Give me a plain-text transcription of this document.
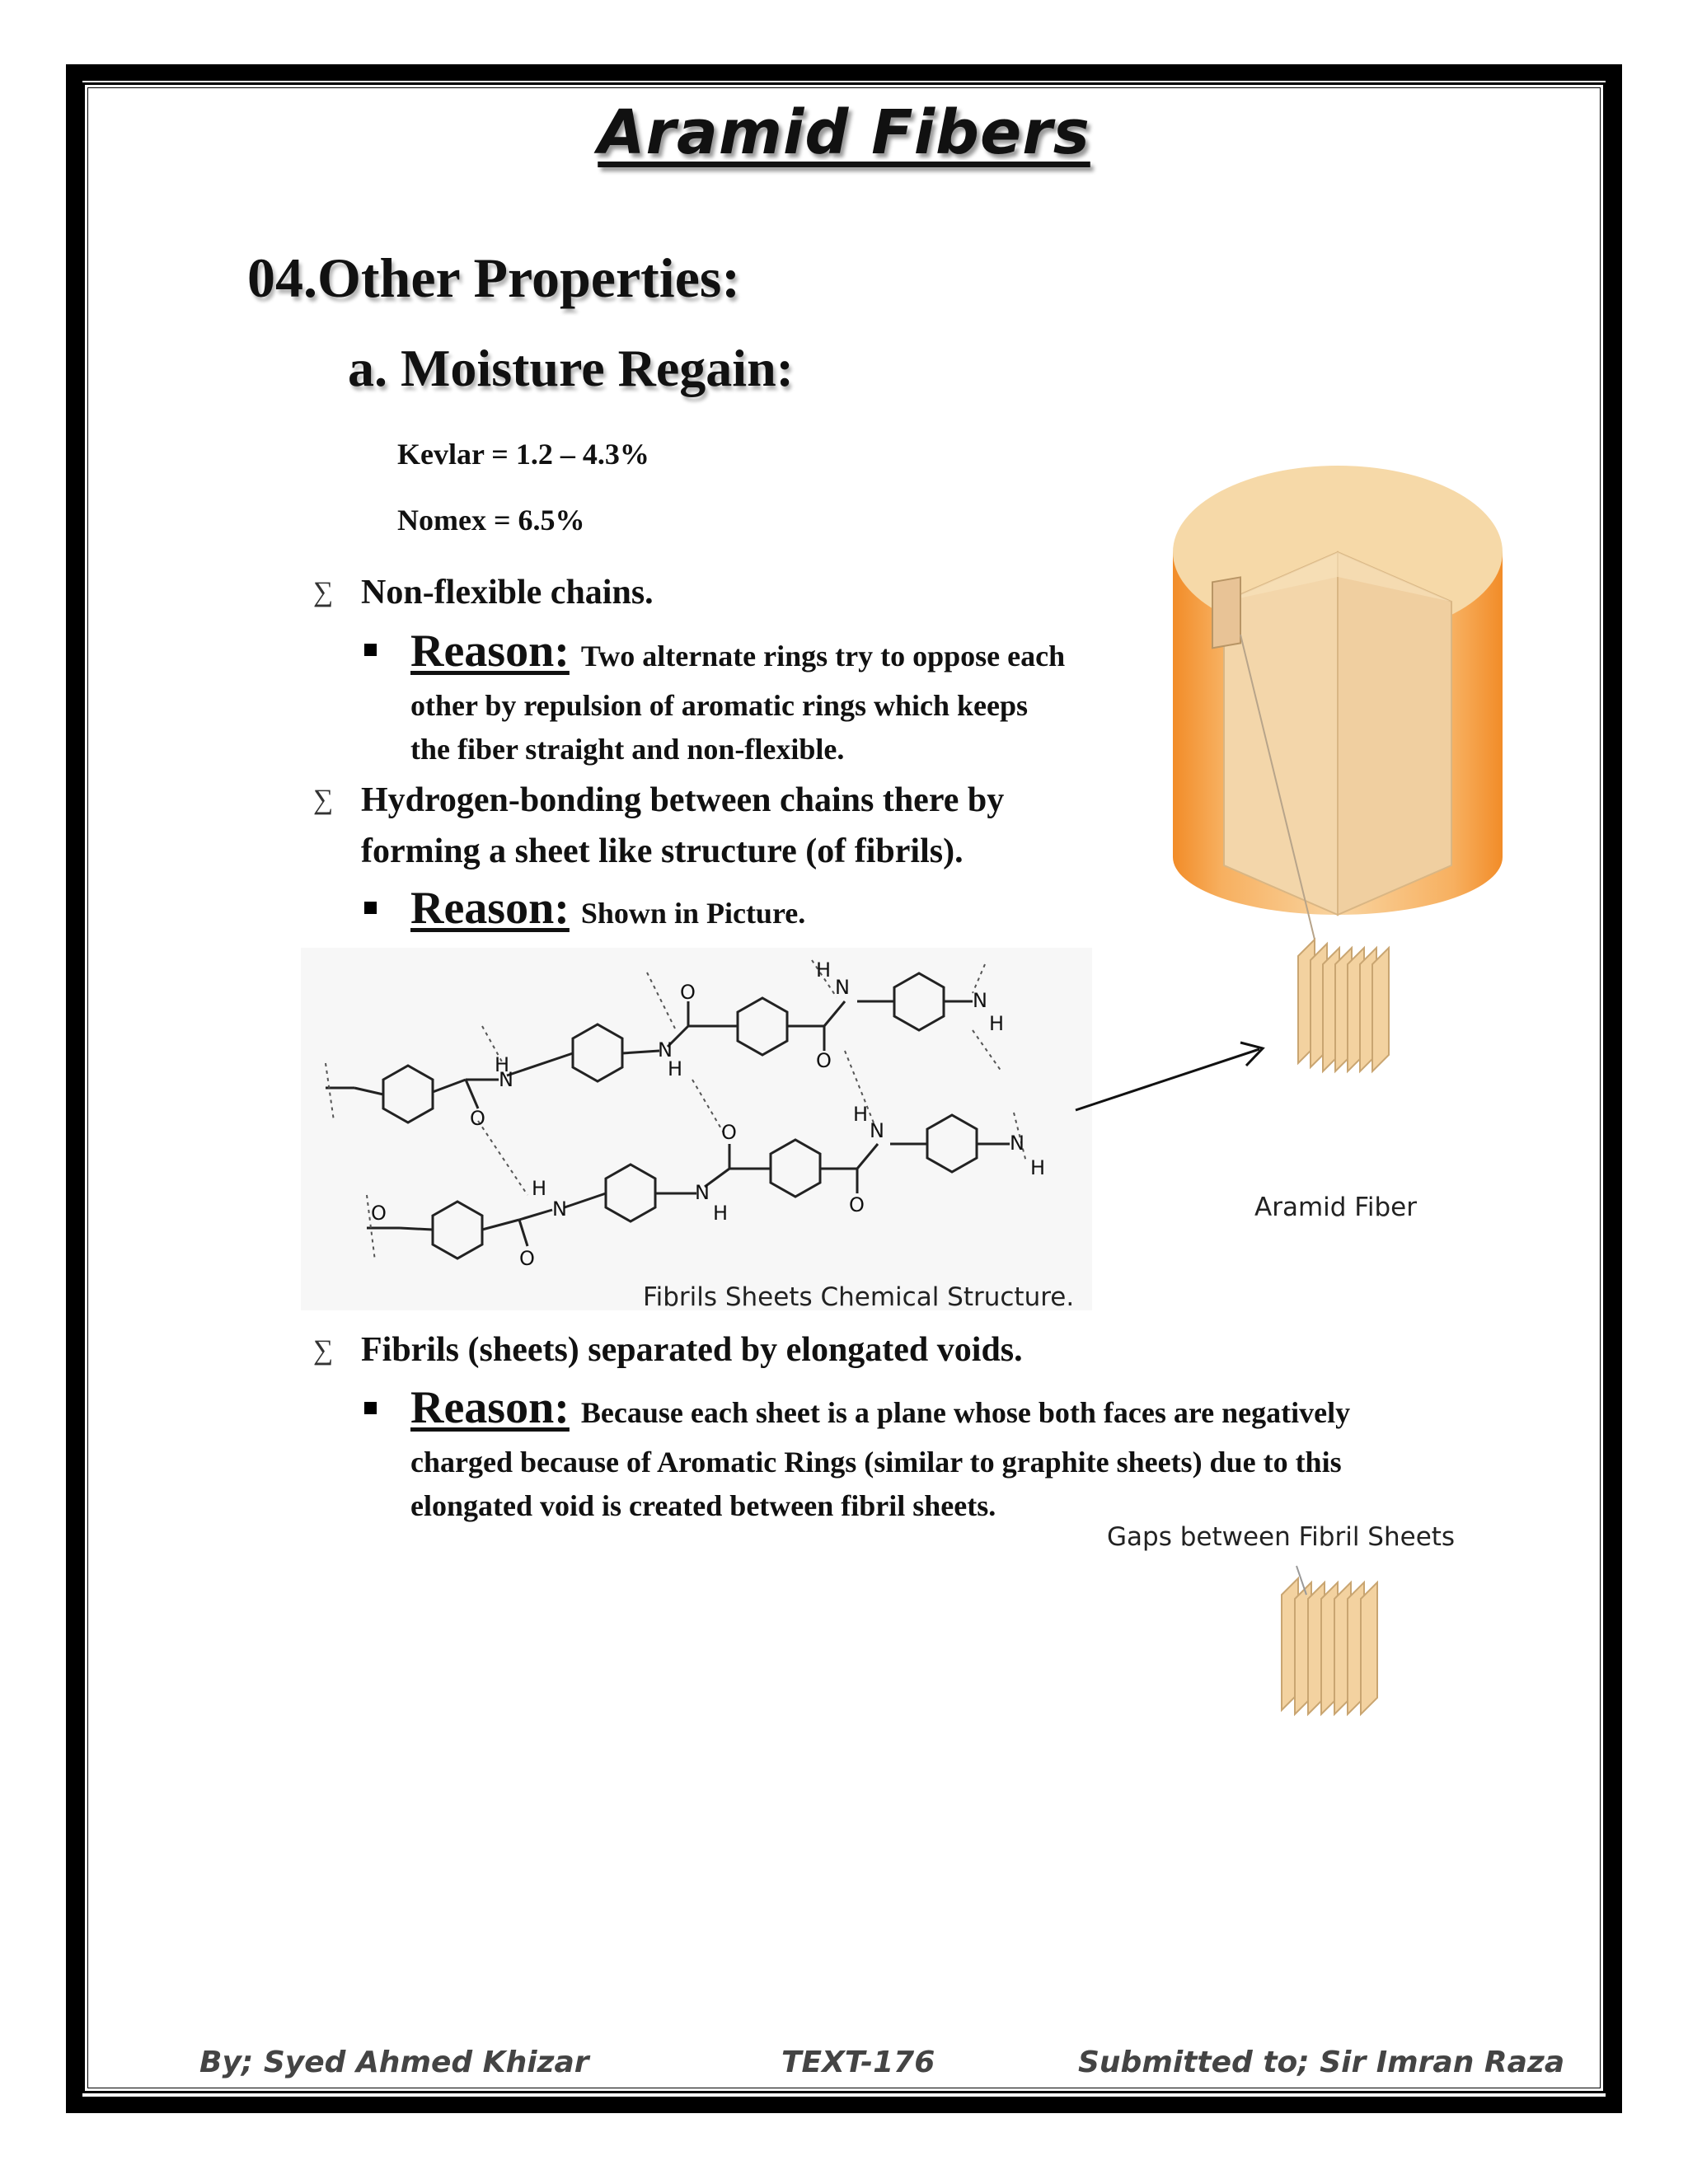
Aramid Fibers
04.Other Properties:
a. Moisture Regain:
Kevlar = 1.2 – 4.3%
Nomex = 6.5%
∑ Non-flexible chains.
Reason: Two alternate rings try to oppose each
other by repulsion of aromatic rings which keeps
the fiber straight and non-flexible.
∑ Hydrogen-bonding between chains there by
forming a sheet like structure (of fibrils).
Reason: Shown in Picture.
H
N
O
N
H
O
O
N
H
N
H
H
N
O
N
H
O
O
N
H
N
H
O
Fibrils Sheets Chemical Structure.
Aramid Fiber
∑ Fibrils (sheets) separated by elongated voids.
Reason: Because each sheet is a plane whose both faces are negatively
charged because of Aromatic Rings (similar to graphite sheets) due to this
elongated void is created between fibril sheets.
Gaps between Fibril Sheets
By; Syed Ahmed Khizar	TEXT-176	Submitted to; Sir Imran Raza
